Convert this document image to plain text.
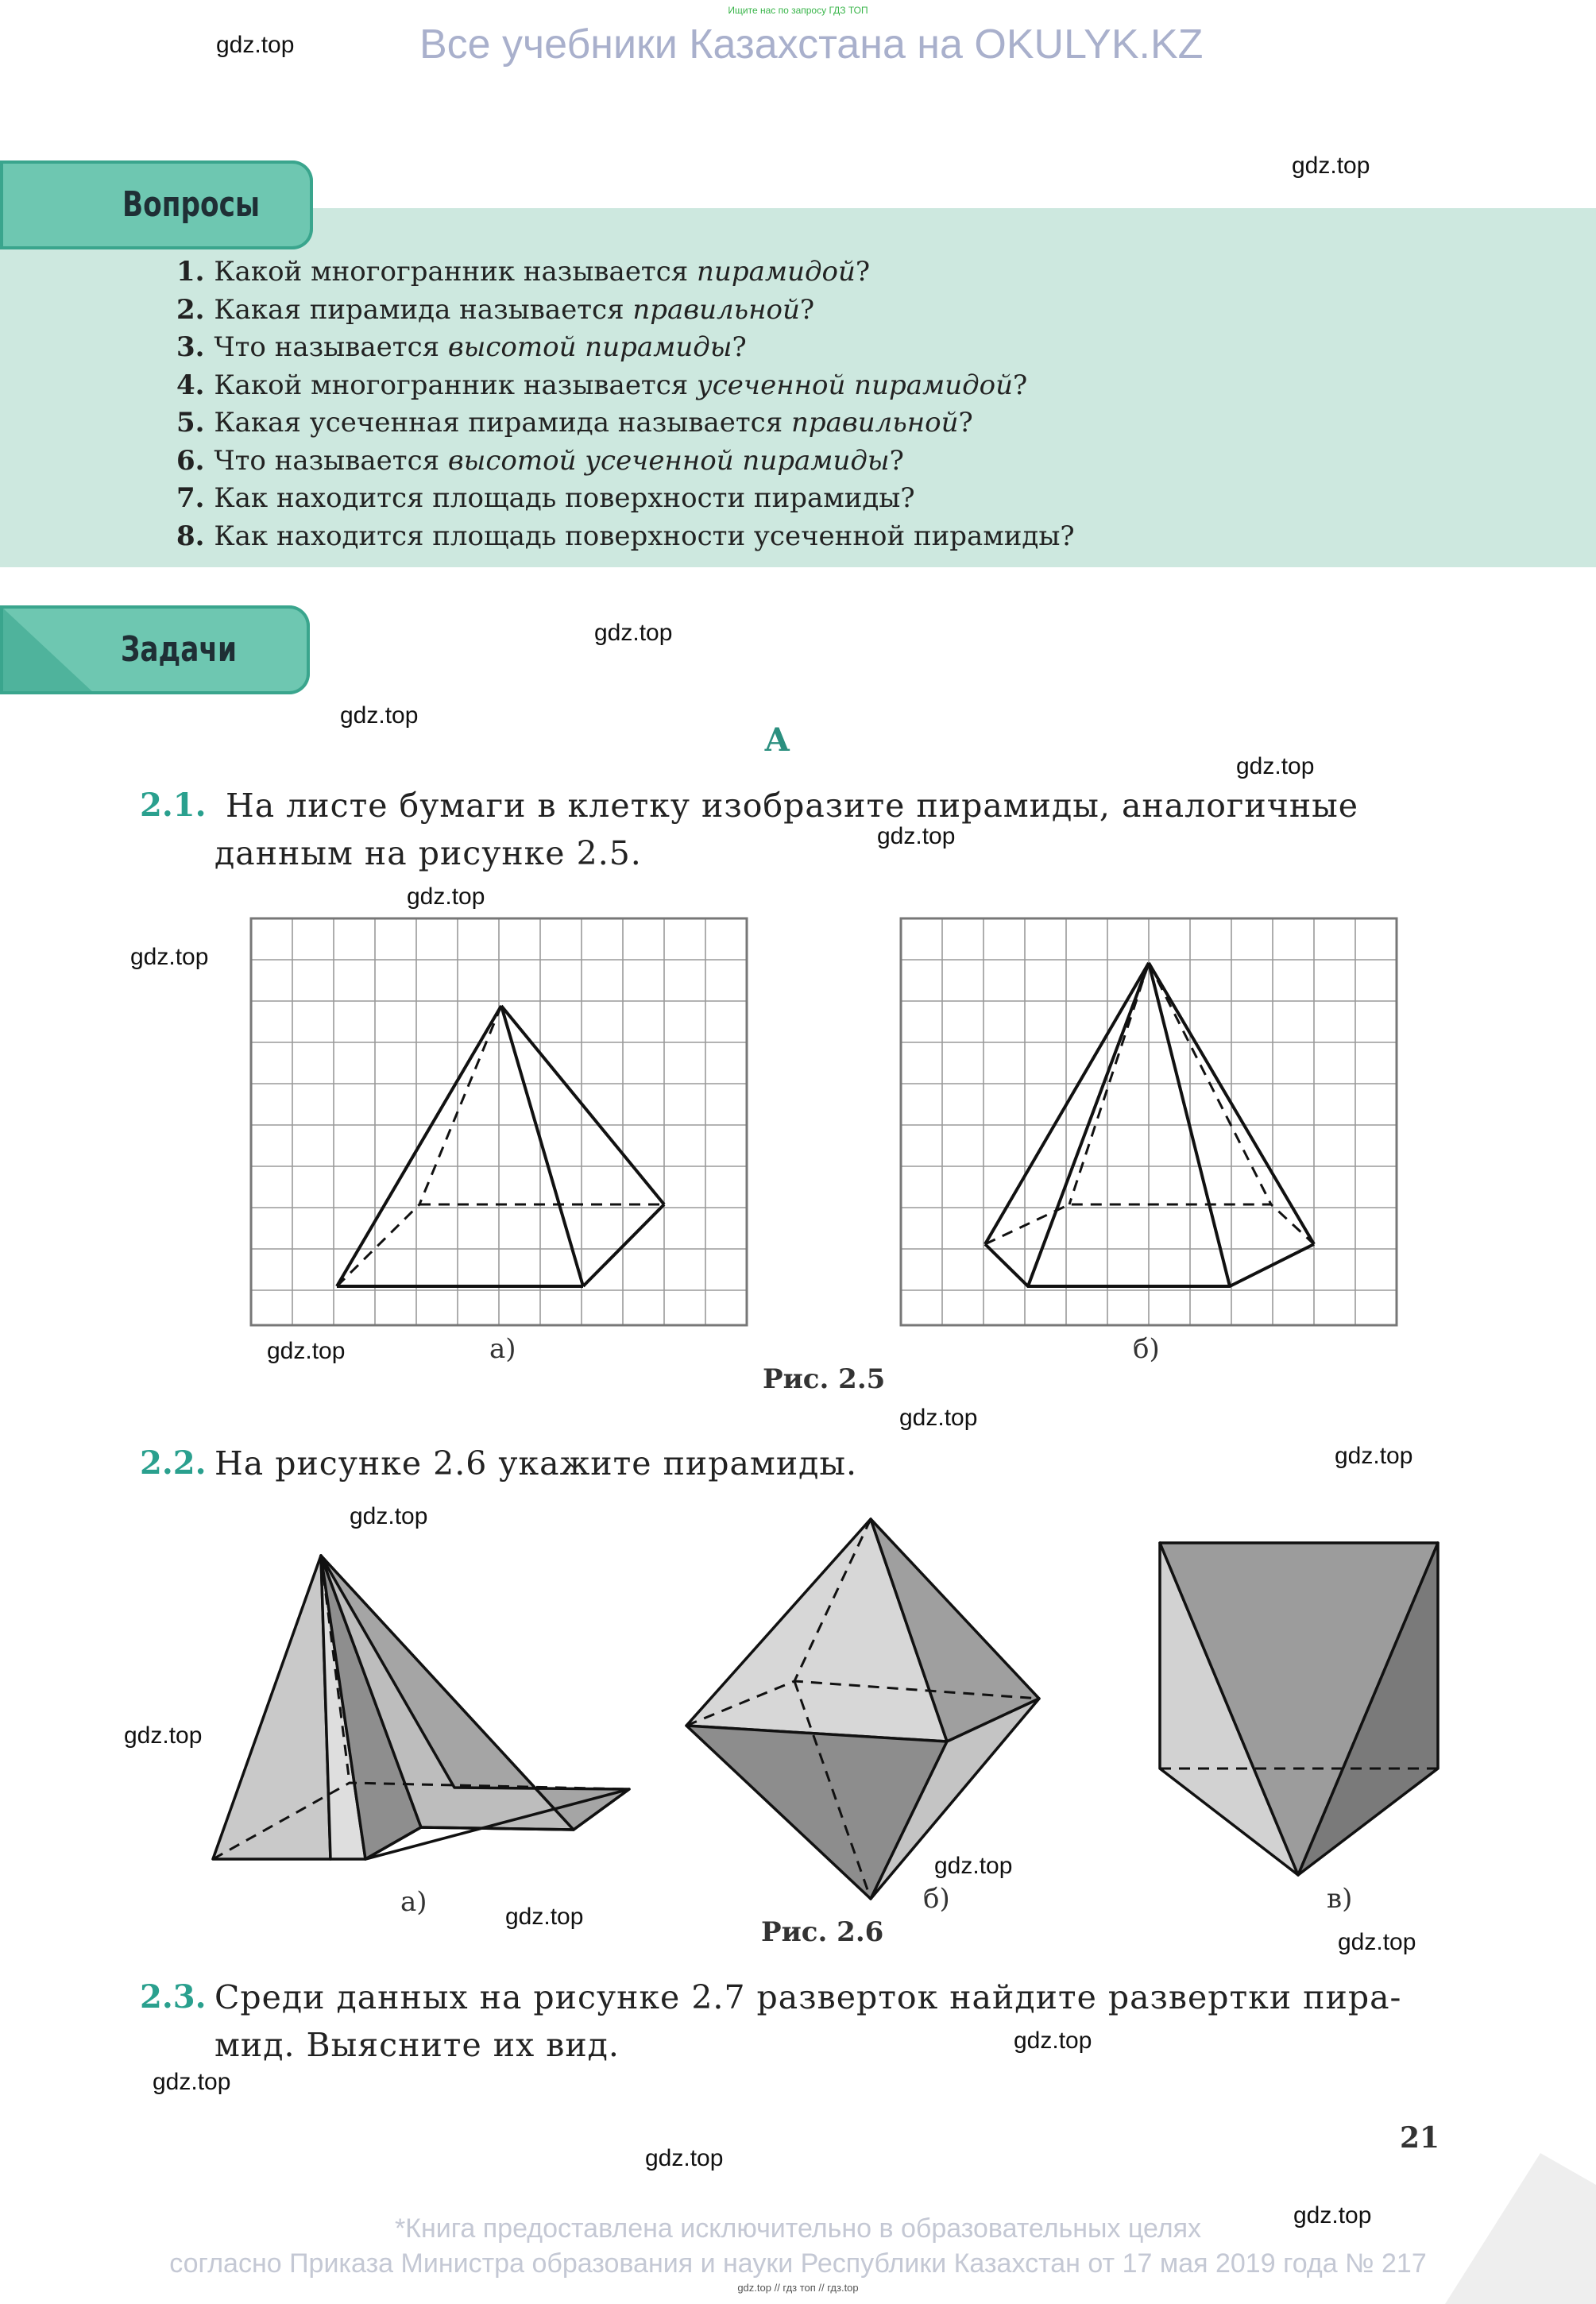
Ищите нас по запросу ГДЗ ТОП
Все учебники Казахстана на OKULYK.KZ
gdz.top
gdz.top
gdz.top
gdz.top
gdz.top
gdz.top
gdz.top
gdz.top
gdz.top
gdz.top
gdz.top
gdz.top
gdz.top
gdz.top
gdz.top
gdz.top
gdz.top
gdz.top
gdz.top
gdz.top
Вопросы
1. Какой многогранник называется пирамидой?
2. Какая пирамида называется правильной?
3. Что называется высотой пирамиды?
4. Какой многогранник называется усеченной пирамидой?
5. Какая усеченная пирамида называется правильной?
6. Что называется высотой усеченной пирамиды?
7. Как находится площадь поверхности пирамиды?
8. Как находится площадь поверхности усеченной пирамиды?
Задачи
А
2.1. На листе бумаги в клетку изобразите пирамиды, аналогичные
данным на рисунке 2.5.
а)	б)
Рис. 2.5
2.2. На рисунке 2.6 укажите пирамиды.
а)	б)	в)
Рис. 2.6
2.3. Среди данных на рисунке 2.7 разверток найдите развертки пира-
мид. Выясните их вид.
21
*Книга предоставлена исключительно в образовательных целях
согласно Приказа Министра образования и науки Республики Казахстан от 17 мая 2019 года № 217
gdz.top // гдз топ // гдз.top
